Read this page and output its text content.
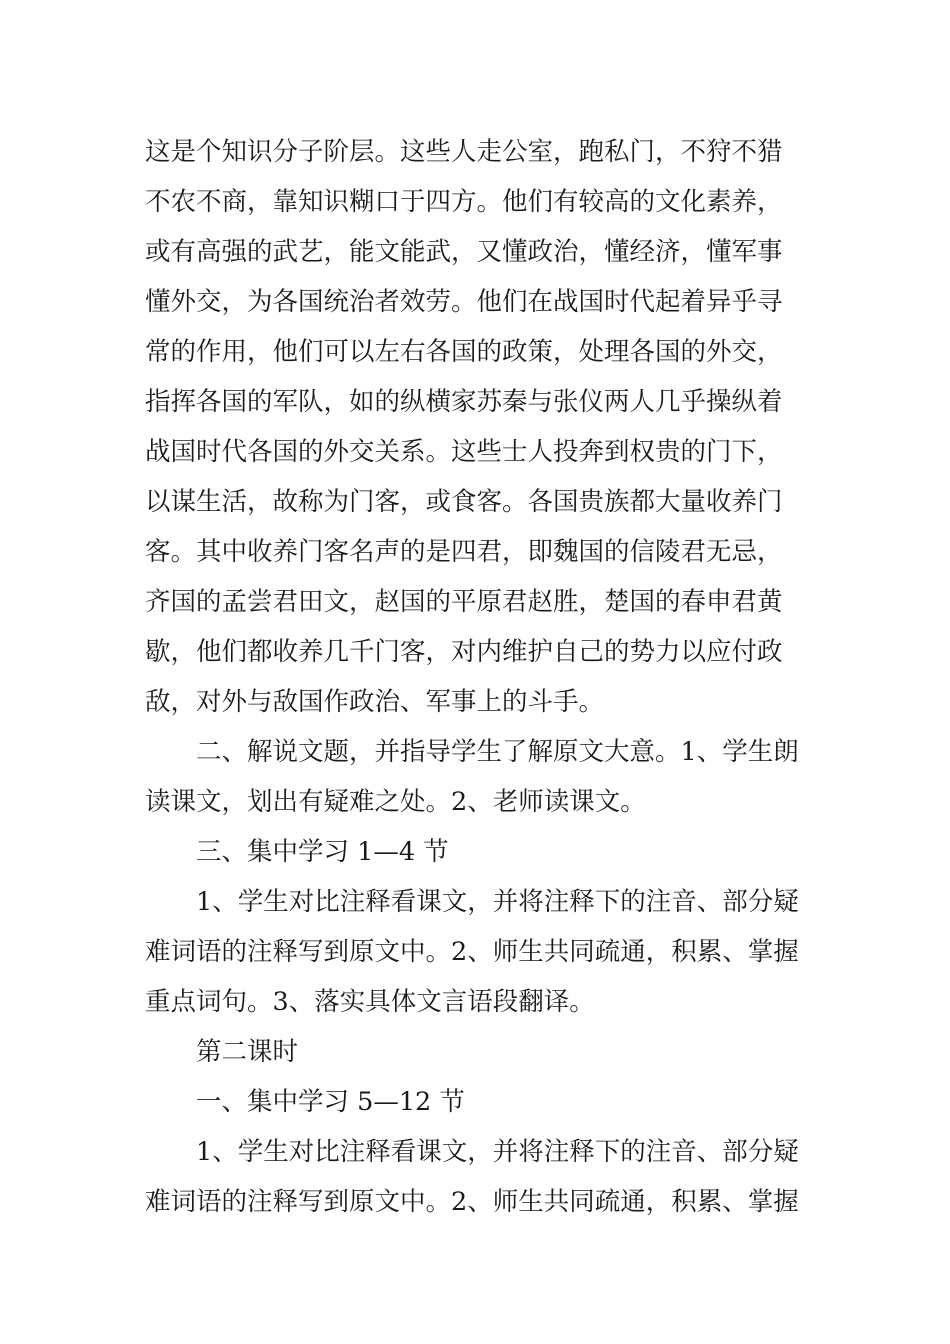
这是个知识分子阶层。这些人走公室，跑私门，不狩不猎
不农不商，靠知识糊口于四方。他们有较高的文化素养，
或有高强的武艺，能文能武，又懂政治，懂经济，懂军事
懂外交，为各国统治者效劳。他们在战国时代起着异乎寻
常的作用，他们可以左右各国的政策，处理各国的外交，
指挥各国的军队，如的纵横家苏秦与张仪两人几乎操纵着
战国时代各国的外交关系。这些士人投奔到权贵的门下，
以谋生活，故称为门客，或食客。各国贵族都大量收养门
客。其中收养门客名声的是四君，即魏国的信陵君无忌，
齐国的孟尝君田文，赵国的平原君赵胜，楚国的春申君黄
歇，他们都收养几千门客，对内维护自己的势力以应付政
敌，对外与敌国作政治、军事上的斗手。
二、解说文题，并指导学生了解原文大意。1、学生朗
读课文，划出有疑难之处。2、老师读课文。
三、集中学习 1—4 节
1、学生对比注释看课文，并将注释下的注音、部分疑
难词语的注释写到原文中。2、师生共同疏通，积累、掌握
重点词句。3、落实具体文言语段翻译。
第二课时
一、集中学习 5—12 节
1、学生对比注释看课文，并将注释下的注音、部分疑
难词语的注释写到原文中。2、师生共同疏通，积累、掌握
